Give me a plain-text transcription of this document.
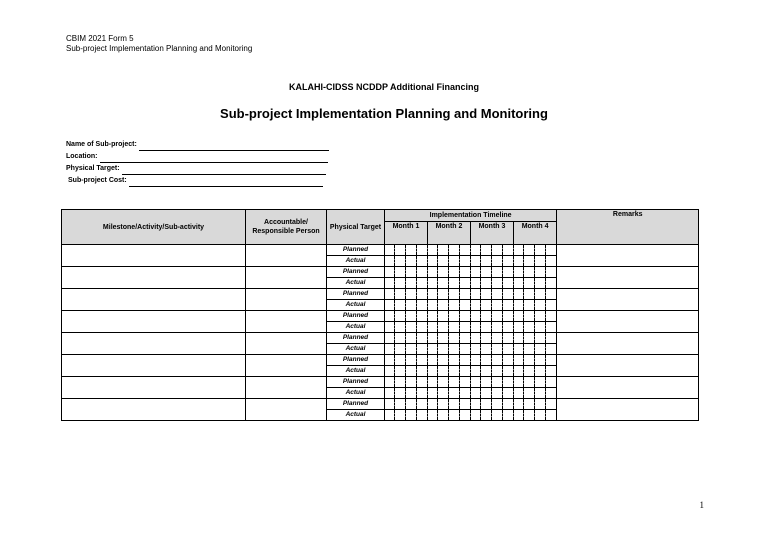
CBIM 2021 Form 5
Sub-project Implementation Planning and Monitoring
KALAHI-CIDSS NCDDP Additional Financing
Sub-project Implementation Planning and Monitoring
Name of Sub-project:
Location:
Physical Target:
Sub-project Cost:
Milestone/Activity/Sub-activity	Accountable/ Responsible Person	Physical Target	Implementation Timeline																Remarks
			Month 1				Month 2				Month 3				Month 4				
		Planned																	
		Actual																	
		Planned																	
		Actual																	
		Planned																	
		Actual																	
		Planned																	
		Actual																	
		Planned																	
		Actual																	
		Planned																	
		Actual																	
		Planned																	
		Actual																	
		Planned																	
		Actual																	
1
